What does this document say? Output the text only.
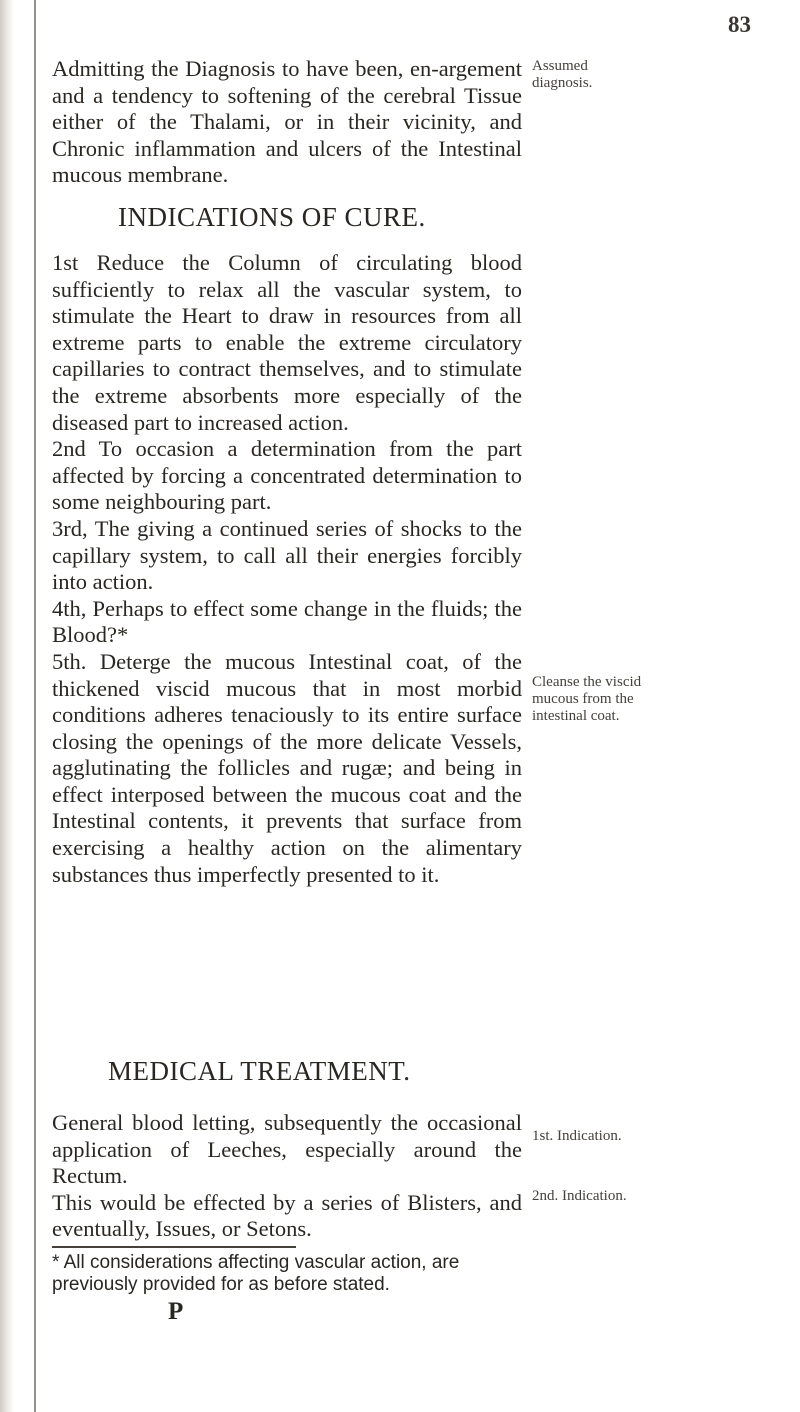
83

Admitting the Diagnosis to have been, en-argement and a tendency to softening of the cerebral Tissue either of the Thalami, or in their vicinity, and Chronic inflammation and ulcers of the Intestinal mucous membrane.

Assumed diagnosis.
INDICATIONS OF CURE.

1st Reduce the Column of circulating blood sufficiently to relax all the vascular system, to stimulate the Heart to draw in resources from all extreme parts to enable the extreme circulatory capillaries to contract themselves, and to stimulate the extreme absorbents more especially of the diseased part to increased action.

2nd To occasion a determination from the part affected by forcing a concentrated determination to some neighbouring part.

3rd, The giving a continued series of shocks to the capillary system, to call all their energies forcibly into action.

4th, Perhaps to effect some change in the fluids; the Blood?*

5th. Deterge the mucous Intestinal coat, of the thickened viscid mucous that in most morbid conditions adheres tenaciously to its entire surface closing the openings of the more delicate Vessels, agglutinating the follicles and rugæ; and being in effect interposed between the mucous coat and the Intestinal contents, it prevents that surface from exercising a healthy action on the alimentary substances thus imperfectly presented to it.

Cleanse the viscid mucous from the intestinal coat.
MEDICAL TREATMENT.

General blood letting, subsequently the occasional application of Leeches, especially around the Rectum.

This would be effected by a series of Blisters, and eventually, Issues, or Setons.

1st. Indication.
2nd. Indication.
* All considerations affecting vascular action, are previously provided for as before stated.
P
